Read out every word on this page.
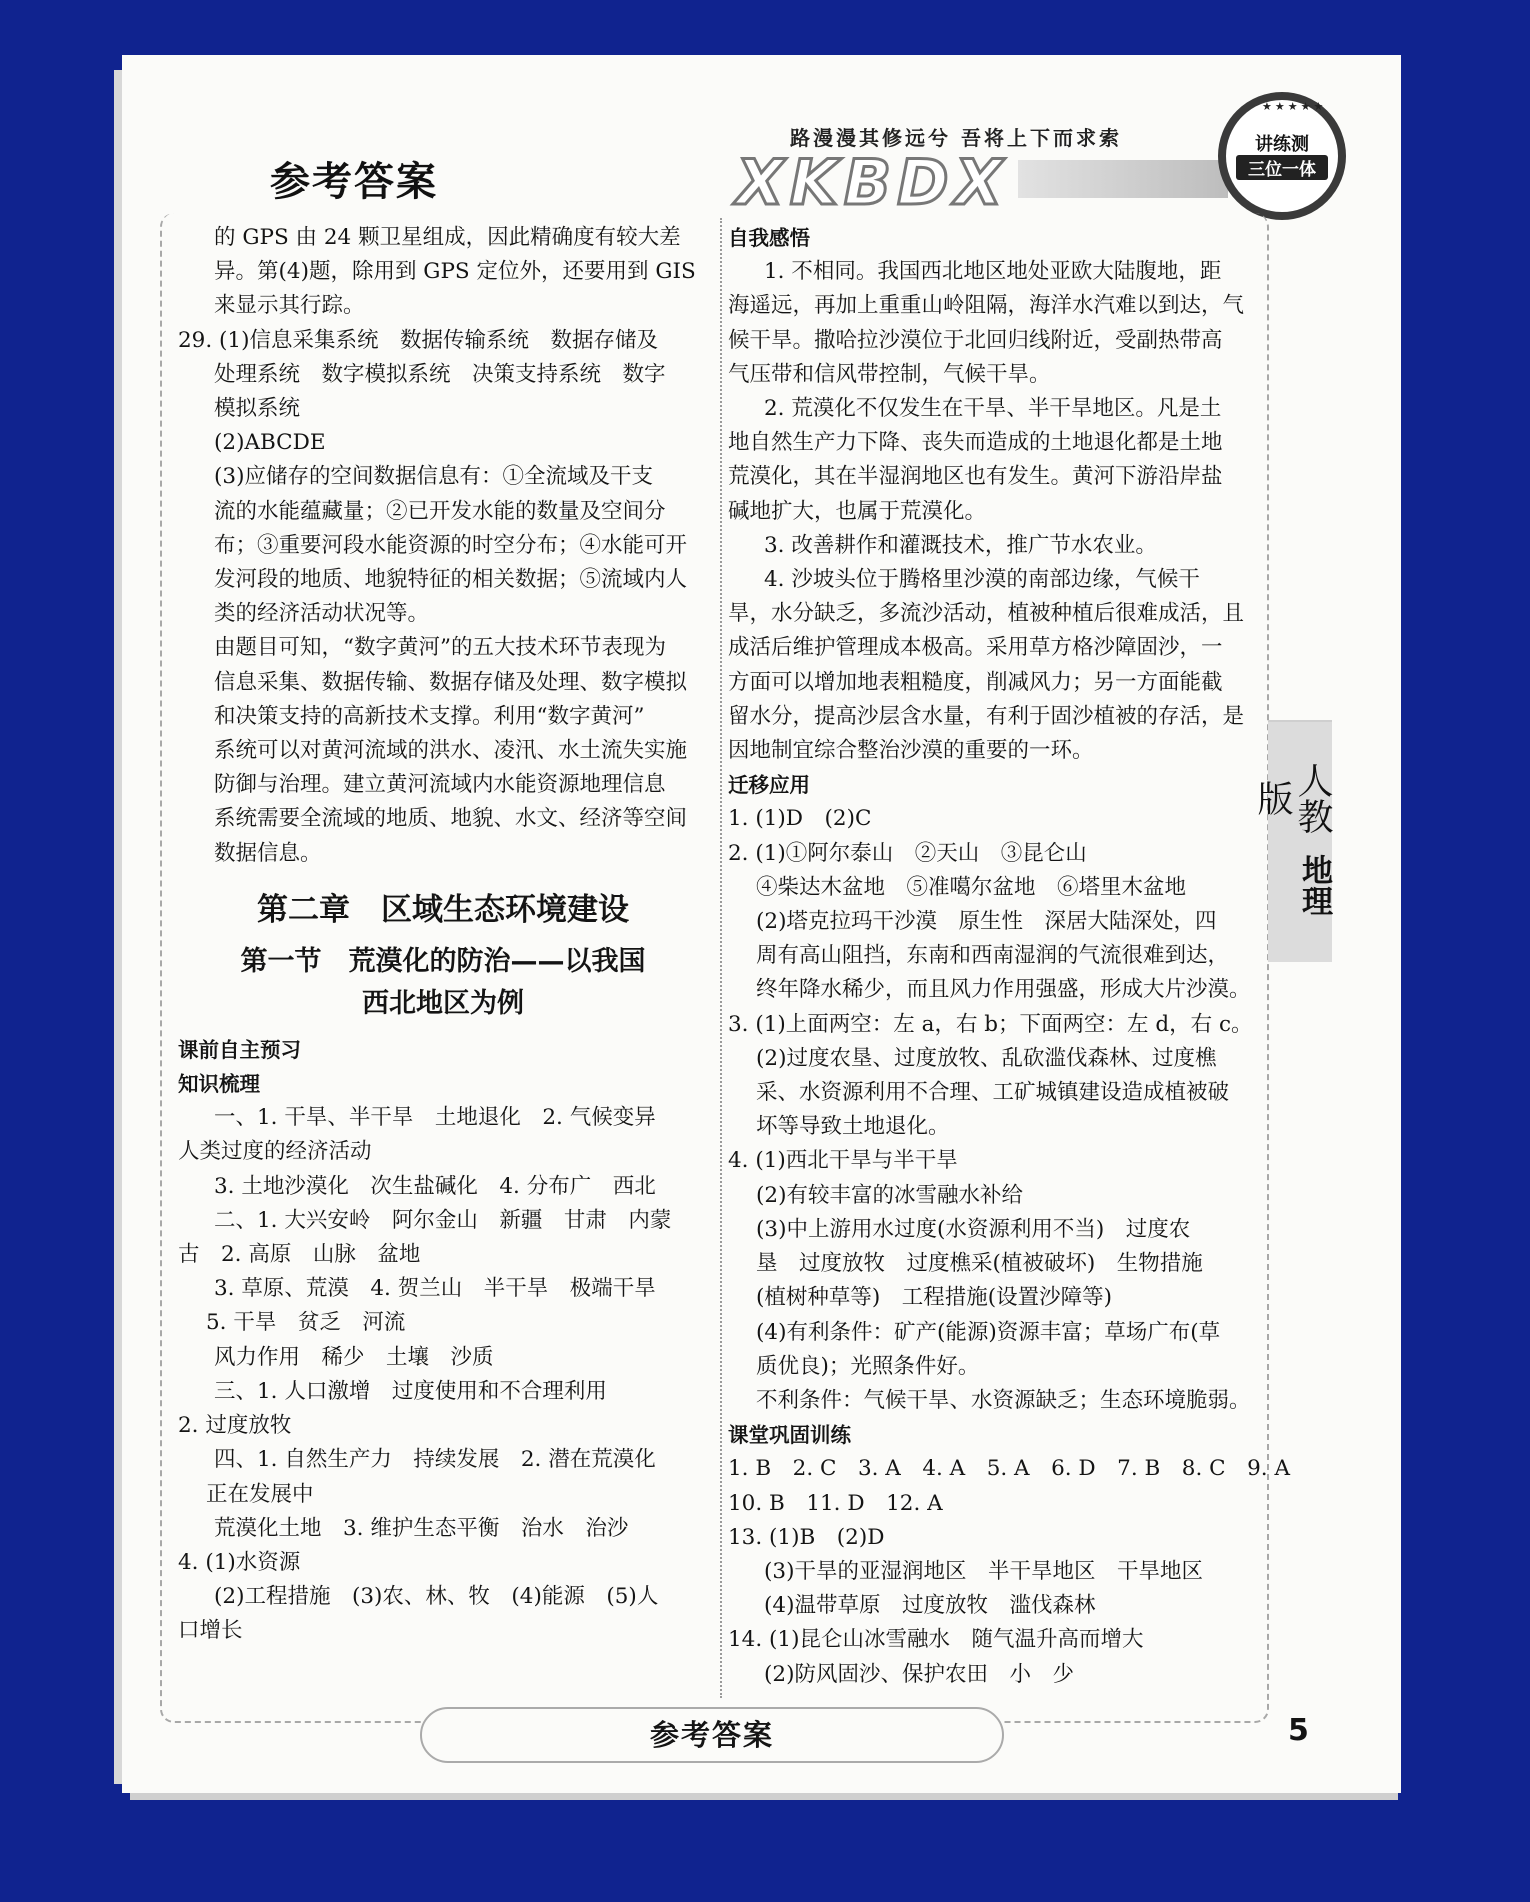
参考答案
路漫漫其修远兮 吾将上下而求索
XKBDX
★★★★★
讲练测
三位一体

的 GPS 由 24 颗卫星组成，因此精确度有较大差

异。第(4)题，除用到 GPS 定位外，还要用到 GIS

来显示其行踪。

29. (1)信息采集系统　数据传输系统　数据存储及

处理系统　数字模拟系统　决策支持系统　数字

模拟系统

(2)ABCDE

(3)应储存的空间数据信息有：①全流域及干支

流的水能蕴藏量；②已开发水能的数量及空间分

布；③重要河段水能资源的时空分布；④水能可开

发河段的地质、地貌特征的相关数据；⑤流域内人

类的经济活动状况等。

由题目可知，“数字黄河”的五大技术环节表现为

信息采集、数据传输、数据存储及处理、数字模拟

和决策支持的高新技术支撑。利用“数字黄河”

系统可以对黄河流域的洪水、凌汛、水土流失实施

防御与治理。建立黄河流域内水能资源地理信息

系统需要全流域的地质、地貌、水文、经济等空间

数据信息。

第二章　区域生态环境建设

第一节　荒漠化的防治——以我国

西北地区为例

课前自主预习

知识梳理

一、1. 干旱、半干旱　土地退化　2. 气候变异

人类过度的经济活动

3. 土地沙漠化　次生盐碱化　4. 分布广　西北

二、1. 大兴安岭　阿尔金山　新疆　甘肃　内蒙

古　2. 高原　山脉　盆地

3. 草原、荒漠　4. 贺兰山　半干旱　极端干旱

5. 干旱　贫乏　河流

风力作用　稀少　土壤　沙质

三、1. 人口激增　过度使用和不合理利用

2. 过度放牧

四、1. 自然生产力　持续发展　2. 潜在荒漠化

正在发展中

荒漠化土地　3. 维护生态平衡　治水　治沙

4. (1)水资源

(2)工程措施　(3)农、林、牧　(4)能源　(5)人

口增长

自我感悟

1. 不相同。我国西北地区地处亚欧大陆腹地，距

海遥远，再加上重重山岭阻隔，海洋水汽难以到达，气

候干旱。撒哈拉沙漠位于北回归线附近，受副热带高

气压带和信风带控制，气候干旱。

2. 荒漠化不仅发生在干旱、半干旱地区。凡是土

地自然生产力下降、丧失而造成的土地退化都是土地

荒漠化，其在半湿润地区也有发生。黄河下游沿岸盐

碱地扩大，也属于荒漠化。

3. 改善耕作和灌溉技术，推广节水农业。

4. 沙坡头位于腾格里沙漠的南部边缘，气候干

旱，水分缺乏，多流沙活动，植被种植后很难成活，且

成活后维护管理成本极高。采用草方格沙障固沙，一

方面可以增加地表粗糙度，削减风力；另一方面能截

留水分，提高沙层含水量，有利于固沙植被的存活，是

因地制宜综合整治沙漠的重要的一环。

迁移应用

1. (1)D　(2)C

2. (1)①阿尔泰山　②天山　③昆仑山

④柴达木盆地　⑤准噶尔盆地　⑥塔里木盆地

(2)塔克拉玛干沙漠　原生性　深居大陆深处，四

周有高山阻挡，东南和西南湿润的气流很难到达，

终年降水稀少，而且风力作用强盛，形成大片沙漠。

3. (1)上面两空：左 a，右 b；下面两空：左 d，右 c。

(2)过度农垦、过度放牧、乱砍滥伐森林、过度樵

采、水资源利用不合理、工矿城镇建设造成植被破

坏等导致土地退化。

4. (1)西北干旱与半干旱

(2)有较丰富的冰雪融水补给

(3)中上游用水过度(水资源利用不当)　过度农

垦　过度放牧　过度樵采(植被破坏)　生物措施

(植树种草等)　工程措施(设置沙障等)

(4)有利条件：矿产(能源)资源丰富；草场广布(草

质优良)；光照条件好。

不利条件：气候干旱、水资源缺乏；生态环境脆弱。

课堂巩固训练

1. B　2. C　3. A　4. A　5. A　6. D　7. B　8. C　9. A

10. B　11. D　12. A

13. (1)B　(2)D

(3)干旱的亚湿润地区　半干旱地区　干旱地区

(4)温带草原　过度放牧　滥伐森林

14. (1)昆仑山冰雪融水　随气温升高而增大

(2)防风固沙、保护农田　小　少

人教版
地理
参考答案	5
